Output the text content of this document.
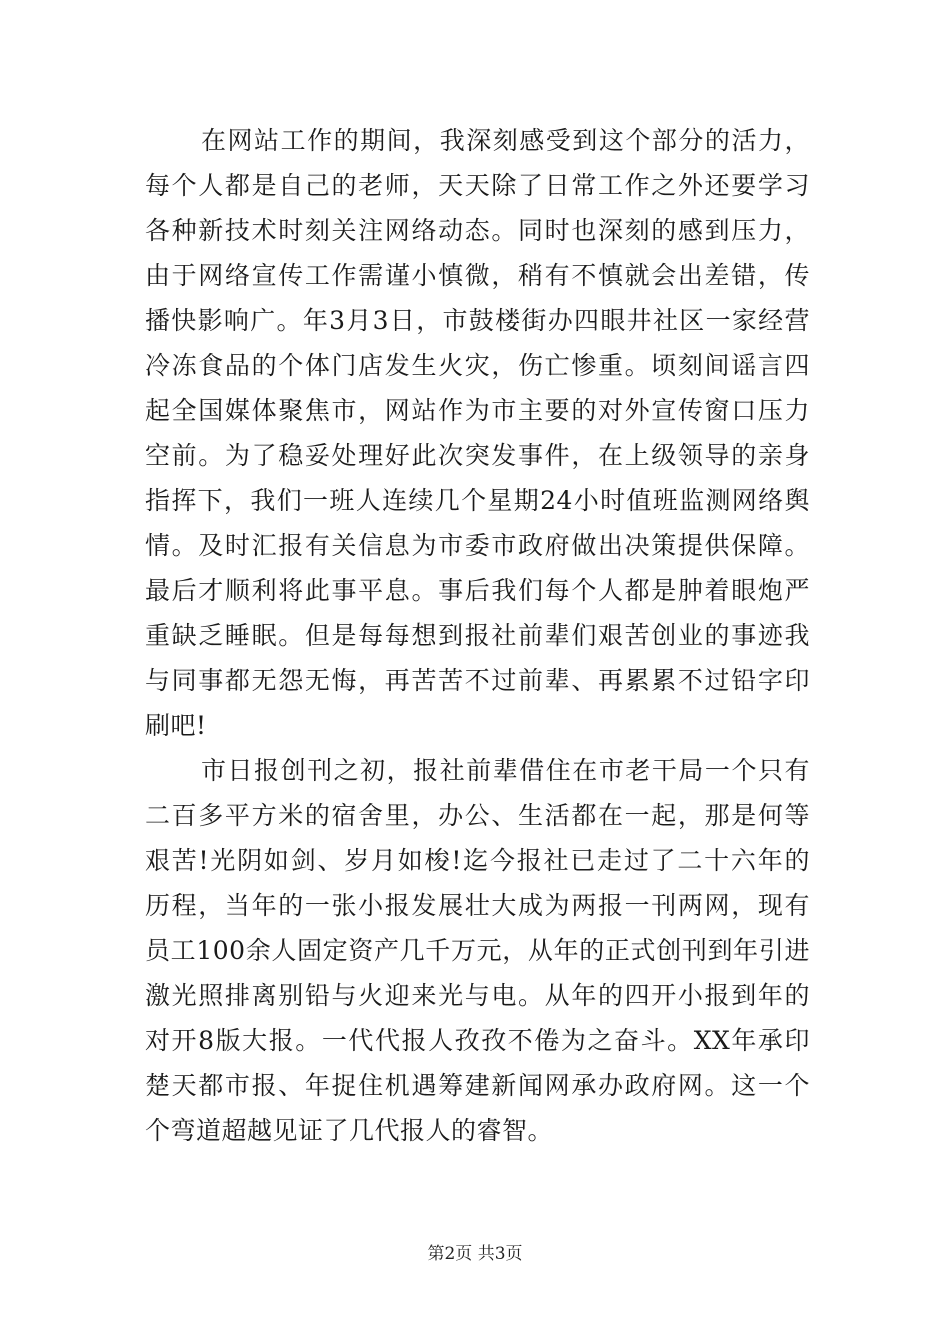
在网站工作的期间，我深刻感受到这个部分的活力，
每个人都是自己的老师，天天除了日常工作之外还要学习
各种新技术时刻关注网络动态。同时也深刻的感到压力，
由于网络宣传工作需谨小慎微，稍有不慎就会出差错，传
播快影响广。年3月3日，市鼓楼街办四眼井社区一家经营
冷冻食品的个体门店发生火灾，伤亡惨重。顷刻间谣言四
起全国媒体聚焦市，网站作为市主要的对外宣传窗口压力
空前。为了稳妥处理好此次突发事件，在上级领导的亲身
指挥下，我们一班人连续几个星期24小时值班监测网络舆
情。及时汇报有关信息为市委市政府做出决策提供保障。
最后才顺利将此事平息。事后我们每个人都是肿着眼炮严
重缺乏睡眠。但是每每想到报社前辈们艰苦创业的事迹我
与同事都无怨无悔，再苦苦不过前辈、再累累不过铅字印
刷吧!
市日报创刊之初，报社前辈借住在市老干局一个只有
二百多平方米的宿舍里，办公、生活都在一起，那是何等
艰苦!光阴如剑、岁月如梭!迄今报社已走过了二十六年的
历程，当年的一张小报发展壮大成为两报一刊两网，现有
员工100余人固定资产几千万元，从年的正式创刊到年引进
激光照排离别铅与火迎来光与电。从年的四开小报到年的
对开8版大报。一代代报人孜孜不倦为之奋斗。XX年承印
楚天都市报、年捉住机遇筹建新闻网承办政府网。这一个
个弯道超越见证了几代报人的睿智。
第2页 共3页
